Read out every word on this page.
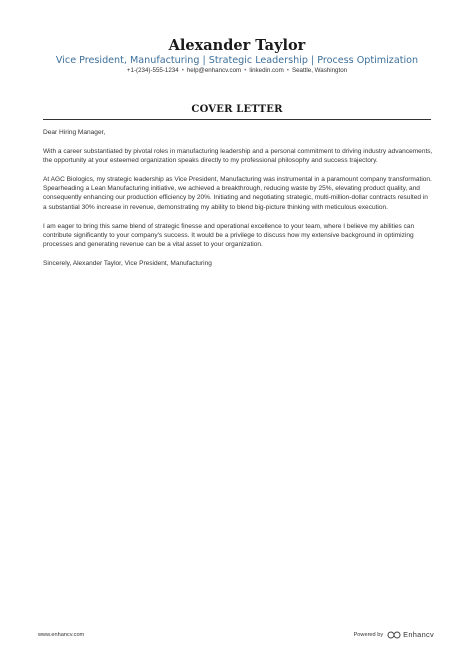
Alexander Taylor
Vice President, Manufacturing | Strategic Leadership | Process Optimization
+1-(234)-555-1234 • help@enhancv.com • linkedin.com • Seattle, Washington
COVER LETTER

Dear Hiring Manager,

With a career substantiated by pivotal roles in manufacturing leadership and a personal commitment to driving industry advancements, the opportunity at your esteemed organization speaks directly to my professional philosophy and success trajectory.

At AGC Biologics, my strategic leadership as Vice President, Manufacturing was instrumental in a paramount company transformation. Spearheading a Lean Manufacturing initiative, we achieved a breakthrough, reducing waste by 25%, elevating product quality, and consequently enhancing our production efficiency by 20%. Initiating and negotiating strategic, multi-million-dollar contracts resulted in a substantial 30% increase in revenue, demonstrating my ability to blend big-picture thinking with meticulous execution.

I am eager to bring this same blend of strategic finesse and operational excellence to your team, where I believe my abilities can contribute significantly to your company's success. It would be a privilege to discuss how my extensive background in optimizing processes and generating revenue can be a vital asset to your organization.

Sincerely, Alexander Taylor, Vice President, Manufacturing

www.enhancv.com	Powered by	Enhancv
